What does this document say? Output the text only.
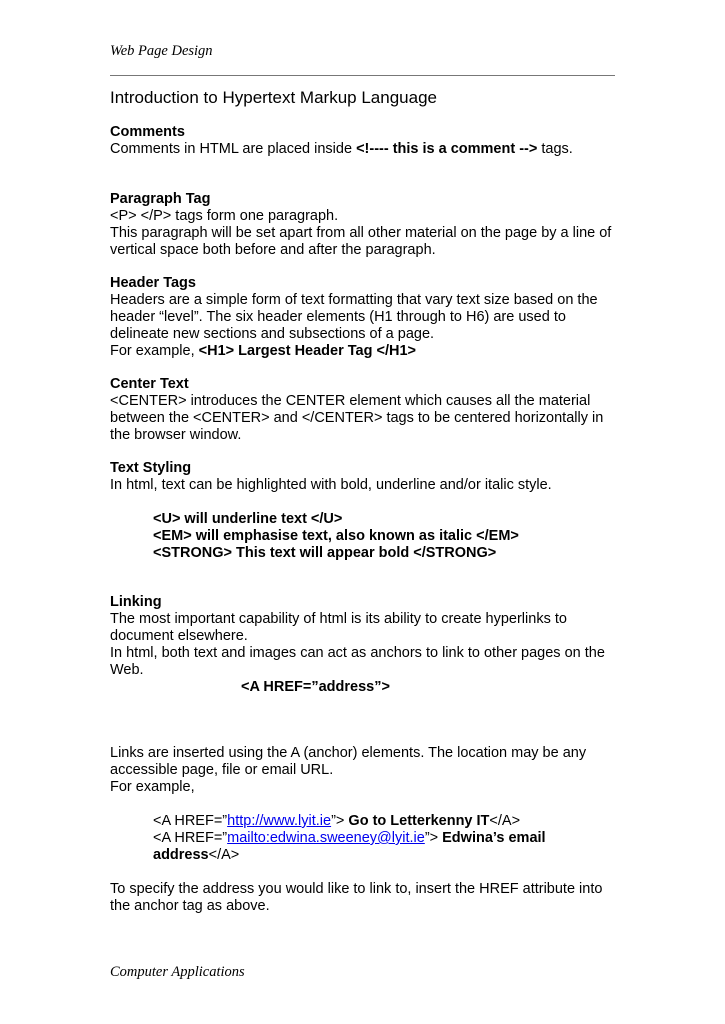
Web Page Design
Introduction to Hypertext Markup Language
Comments
Comments in HTML are placed inside <!---- this is a comment --> tags.
Paragraph Tag
<P> </P> tags form one paragraph.
This paragraph will be set apart from all other material on the page by a line of
vertical space both before and after the paragraph.
Header Tags
Headers are a simple form of text formatting that vary text size based on the
header “level”. The six header elements (H1 through to H6) are used to
delineate new sections and subsections of a page.
For example, <H1> Largest Header Tag </H1>
Center Text
<CENTER> introduces the CENTER element which causes all the material
between the <CENTER> and </CENTER> tags to be centered horizontally in
the browser window.
Text Styling
In html, text can be highlighted with bold, underline and/or italic style.
<U> will underline text </U>
<EM> will emphasise text, also known as italic </EM>
<STRONG> This text will appear bold </STRONG>
Linking
The most important capability of html is its ability to create hyperlinks to
document elsewhere.
In html, both text and images can act as anchors to link to other pages on the
Web.
<A HREF=”address”>
Links are inserted using the A (anchor) elements. The location may be any
accessible page, file or email URL.
For example,
<A HREF=”http://www.lyit.ie”> Go to Letterkenny IT</A>
<A HREF=”mailto:edwina.sweeney@lyit.ie”> Edwina’s email address</A>
To specify the address you would like to link to, insert the HREF attribute into
the anchor tag as above.
Computer Applications
